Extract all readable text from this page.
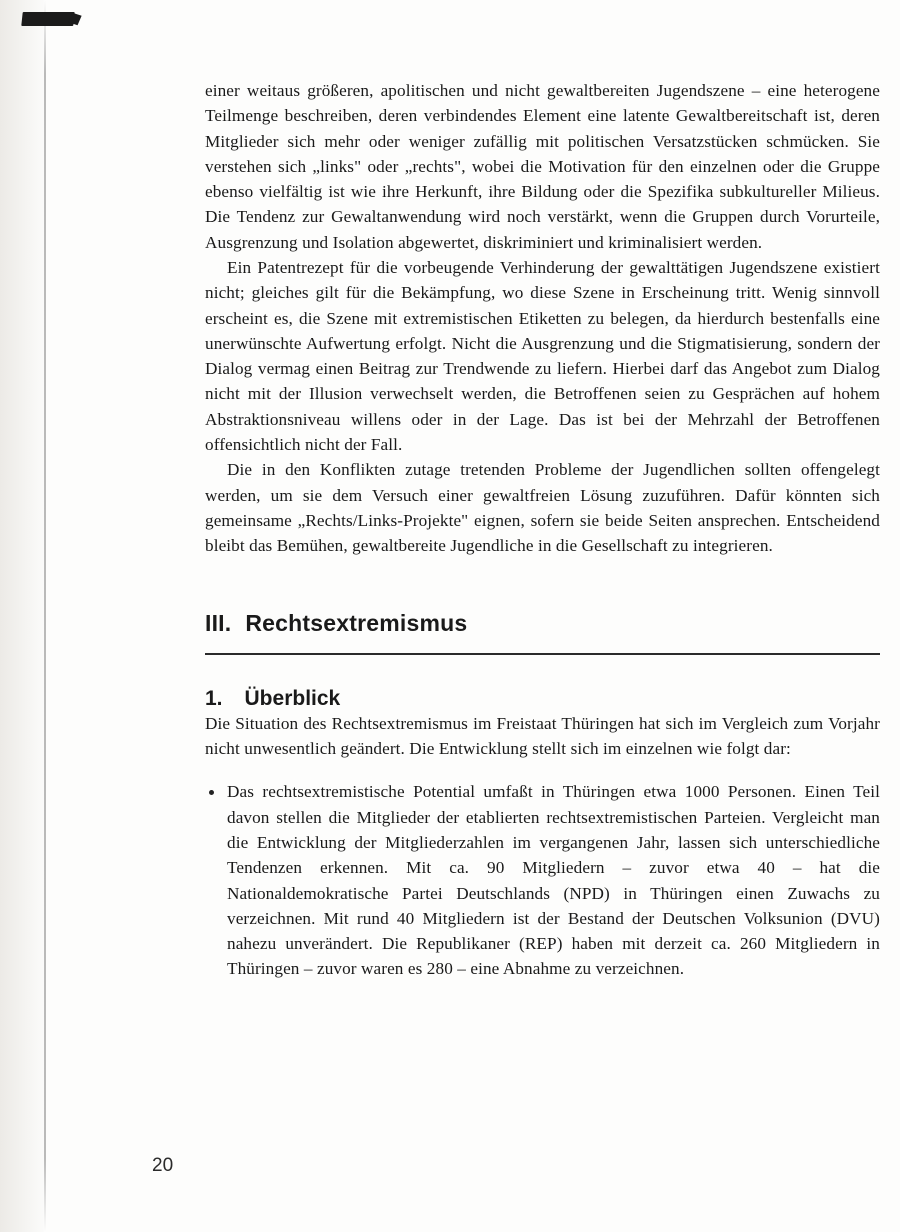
einer weitaus größeren, apolitischen und nicht gewaltbereiten Jugendszene – eine heterogene Teilmenge beschreiben, deren verbindendes Element eine latente Gewaltbereitschaft ist, deren Mitglieder sich mehr oder weniger zufällig mit politischen Versatzstücken schmücken. Sie verstehen sich „links" oder „rechts", wobei die Motivation für den einzelnen oder die Gruppe ebenso vielfältig ist wie ihre Herkunft, ihre Bildung oder die Spezifika subkultureller Milieus. Die Tendenz zur Gewaltanwendung wird noch verstärkt, wenn die Gruppen durch Vorurteile, Ausgrenzung und Isolation abgewertet, diskriminiert und kriminalisiert werden.

Ein Patentrezept für die vorbeugende Verhinderung der gewalttätigen Jugendszene existiert nicht; gleiches gilt für die Bekämpfung, wo diese Szene in Erscheinung tritt. Wenig sinnvoll erscheint es, die Szene mit extremistischen Etiketten zu belegen, da hierdurch bestenfalls eine unerwünschte Aufwertung erfolgt. Nicht die Ausgrenzung und die Stigmatisierung, sondern der Dialog vermag einen Beitrag zur Trendwende zu liefern. Hierbei darf das Angebot zum Dialog nicht mit der Illusion verwechselt werden, die Betroffenen seien zu Gesprächen auf hohem Abstraktionsniveau willens oder in der Lage. Das ist bei der Mehrzahl der Betroffenen offensichtlich nicht der Fall.

Die in den Konflikten zutage tretenden Probleme der Jugendlichen sollten offengelegt werden, um sie dem Versuch einer gewaltfreien Lösung zuzuführen. Dafür könnten sich gemeinsame „Rechts/Links-Projekte" eignen, sofern sie beide Seiten ansprechen. Entscheidend bleibt das Bemühen, gewaltbereite Jugendliche in die Gesellschaft zu integrieren.

III. Rechtsextremismus
1. Überblick

Die Situation des Rechtsextremismus im Freistaat Thüringen hat sich im Vergleich zum Vorjahr nicht unwesentlich geändert. Die Entwicklung stellt sich im einzelnen wie folgt dar:

Das rechtsextremistische Potential umfaßt in Thüringen etwa 1000 Personen. Einen Teil davon stellen die Mitglieder der etablierten rechtsextremistischen Parteien. Vergleicht man die Entwicklung der Mitgliederzahlen im vergangenen Jahr, lassen sich unterschiedliche Tendenzen erkennen. Mit ca. 90 Mitgliedern – zuvor etwa 40 – hat die Nationaldemokratische Partei Deutschlands (NPD) in Thüringen einen Zuwachs zu verzeichnen. Mit rund 40 Mitgliedern ist der Bestand der Deutschen Volksunion (DVU) nahezu unverändert. Die Republikaner (REP) haben mit derzeit ca. 260 Mitgliedern in Thüringen – zuvor waren es 280 – eine Abnahme zu verzeichnen.
20
